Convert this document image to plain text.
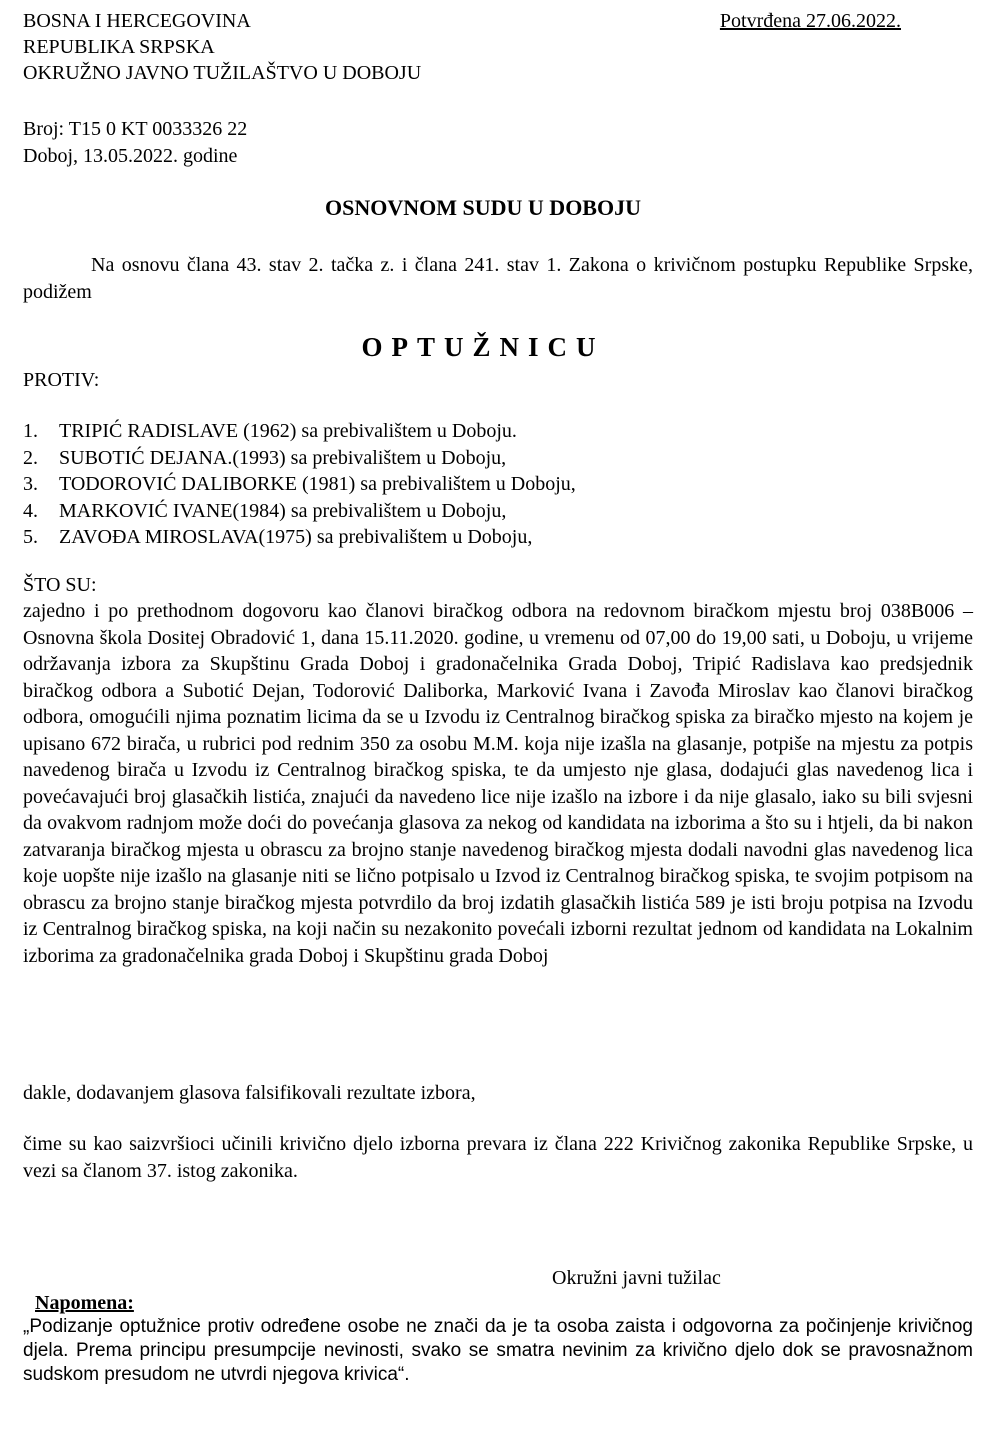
BOSNA I HERCEGOVINA
REPUBLIKA SRPSKA
OKRUŽNO JAVNO TUŽILAŠTVO U DOBOJU
Potvrđena 27.06.2022.
Broj: T15 0 KT 0033326 22
Doboj, 13.05.2022. godine
OSNOVNOM SUDU U DOBOJU
Na osnovu člana 43. stav 2. tačka z. i člana 241. stav 1. Zakona o krivičnom postupku Republike Srpske, podižem
OPTUŽNICU
PROTIV:
1. TRIPIĆ RADISLAVE (1962) sa prebivalištem u Doboju.
2. SUBOTIĆ DEJANA.(1993) sa prebivalištem u Doboju,
3. TODOROVIĆ DALIBORKE (1981) sa prebivalištem u Doboju,
4. MARKOVIĆ IVANE(1984) sa prebivalištem u Doboju,
5. ZAVOĐA MIROSLAVA(1975) sa prebivalištem u Doboju,
ŠTO SU:
zajedno i po prethodnom dogovoru kao članovi biračkog odbora na redovnom biračkom mjestu broj 038B006 – Osnovna škola Dositej Obradović 1, dana 15.11.2020. godine, u vremenu od 07,00 do 19,00 sati, u Doboju, u vrijeme održavanja izbora za Skupštinu Grada Doboj i gradonačelnika Grada Doboj, Tripić Radislava kao predsjednik biračkog odbora a Subotić Dejan, Todorović Daliborka, Marković Ivana i Zavođa Miroslav kao članovi biračkog odbora, omogućili njima poznatim licima da se u Izvodu iz Centralnog biračkog spiska za biračko mjesto na kojem je upisano 672 birača, u rubrici pod rednim 350 za osobu M.M. koja nije izašla na glasanje, potpiše na mjestu za potpis navedenog birača u Izvodu iz Centralnog biračkog spiska, te da umjesto nje glasa, dodajući glas navedenog lica i povećavajući broj glasačkih listića, znajući da navedeno lice nije izašlo na izbore i da nije glasalo, iako su bili svjesni da ovakvom radnjom može doći do povećanja glasova za nekog od kandidata na izborima a što su i htjeli, da bi nakon zatvaranja biračkog mjesta u obrascu za brojno stanje navedenog biračkog mjesta dodali navodni glas navedenog lica koje uopšte nije izašlo na glasanje niti se lično potpisalo u Izvod iz Centralnog biračkog spiska, te svojim potpisom na obrascu za brojno stanje biračkog mjesta potvrdilo da broj izdatih glasačkih listića 589 je isti broju potpisa na Izvodu iz Centralnog biračkog spiska, na koji način su nezakonito povećali izborni rezultat jednom od kandidata na Lokalnim izborima za gradonačelnika grada Doboj i Skupštinu grada Doboj
dakle, dodavanjem glasova falsifikovali rezultate izbora,
čime su kao saizvršioci učinili krivično djelo izborna prevara iz člana 222 Krivičnog zakonika Republike Srpske, u vezi sa članom 37. istog zakonika.
Okružni javni tužilac
Napomena:
„Podizanje optužnice protiv određene osobe ne znači da je ta osoba zaista i odgovorna za počinjenje krivičnog djela. Prema principu presumpcije nevinosti, svako se smatra nevinim za krivično djelo dok se pravosnažnom sudskom presudom ne utvrdi njegova krivica“.
